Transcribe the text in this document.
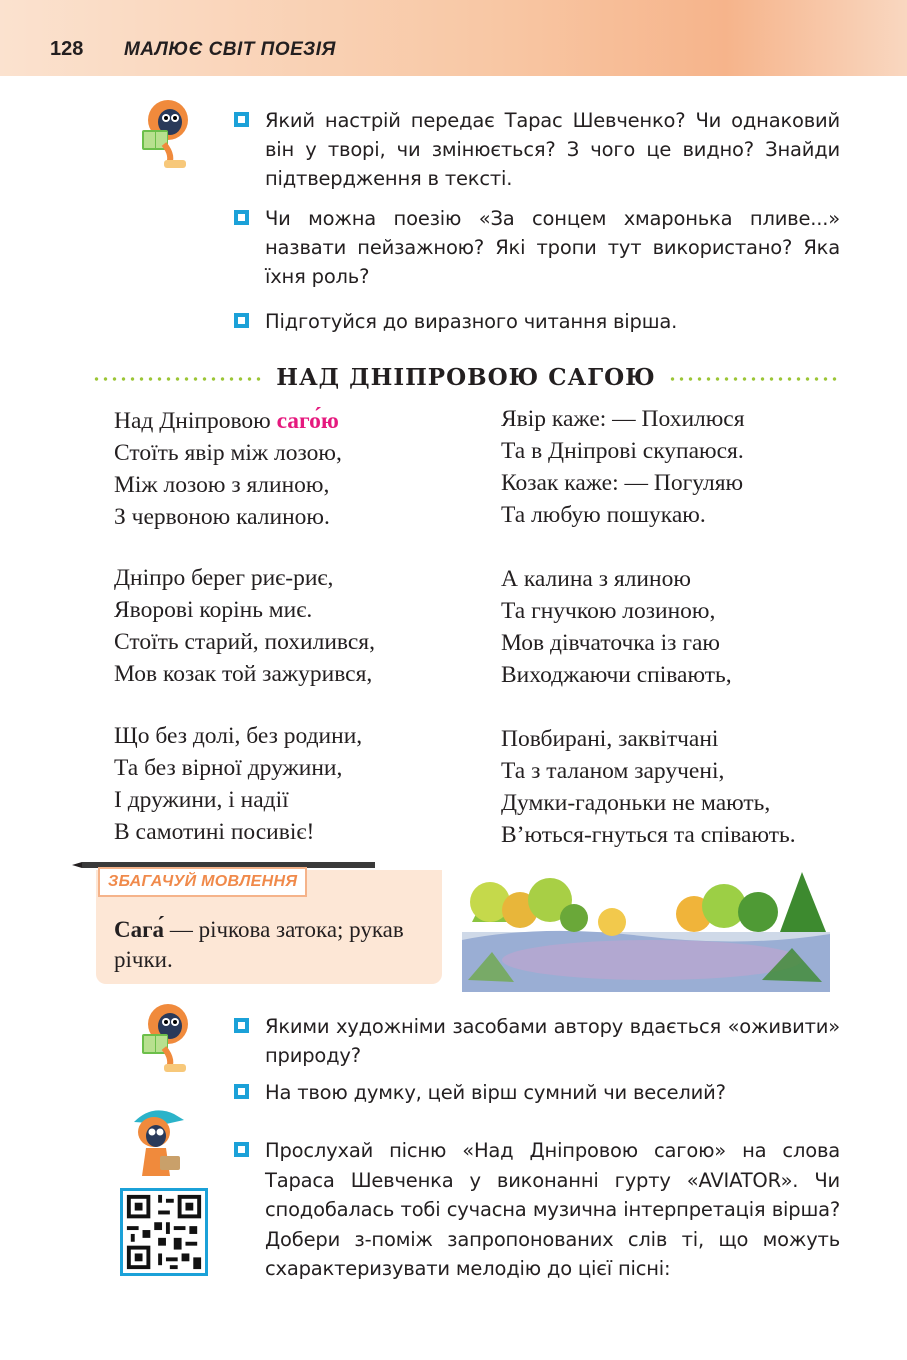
128 МАЛЮЄ СВІТ ПОЕЗІЯ
Який настрій передає Тарас Шевченко? Чи однаковий він у творі, чи змінюється? З чого це видно? Знайди підтвердження в тексті.
Чи можна поезію «За сонцем хмаронька пливе...» назвати пейзажною? Які тропи тут використано? Яка їхня роль?
Підготуйся до виразного читання вірша.
НАД ДНІПРОВОЮ САГОЮ
Над Дніпровою саго́ю
Стоїть явір між лозою,
Між лозою з ялиною,
З червоною калиною.
Дніпро берег риє-риє,
Яворові корінь миє.
Стоїть старий, похилився,
Мов козак той зажурився,
Що без долі, без родини,
Та без вірної дружини,
І дружини, і надії
В самотині посивіє!
Явір каже: — Похилюся
Та в Дніпрові скупаюся.
Козак каже: — Погуляю
Та любую пошукаю.
А калина з ялиною
Та гнучкою лозиною,
Мов дівчаточка із гаю
Виходжаючи співають,
Повбирані, заквітчані
Та з таланом заручені,
Думки-гадоньки не мають,
В’ються-гнуться та співають.
ЗБАГАЧУЙ МОВЛЕННЯ
Сага́ — річкова затока; рукав річки.
Якими художніми засобами автору вдається «оживити» природу?
На твою думку, цей вірш сумний чи веселий?
Прослухай пісню «Над Дніпровою сагою» на слова Тараса Шевченка у виконанні гурту «AVIATOR». Чи сподобалась тобі сучасна музична інтерпретація вірша? Добери з-поміж запропонованих слів ті, що можуть схарактеризувати мелодію до цієї пісні:
